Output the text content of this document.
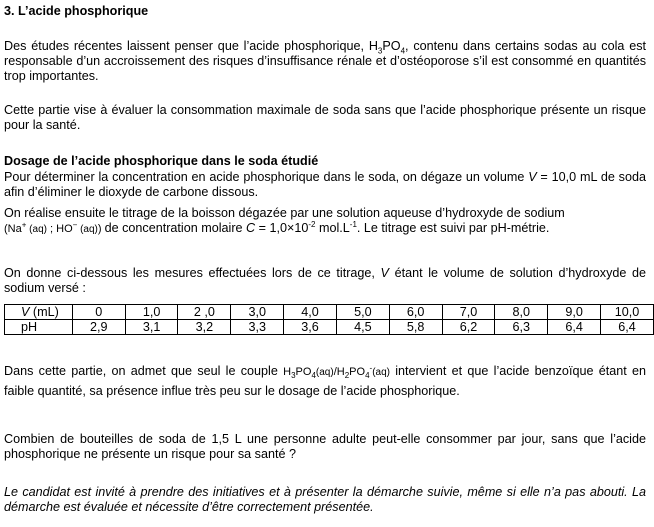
3. L’acide phosphorique

Des études récentes laissent penser que l’acide phosphorique, $H_3PO_4$, contenu dans certains sodas au cola est responsable d’un accroissement des risques d’insuffisance rénale et d’ostéoporose s’il est consommé en quantités trop importantes.

Cette partie vise à évaluer la consommation maximale de soda sans que l’acide phosphorique présente un risque pour la santé.

Dosage de l’acide phosphorique dans le soda étudié

Pour déterminer la concentration en acide phosphorique dans le soda, on dégaze un volume V = 10,0 mL de soda afin d’éliminer le dioxyde de carbone dissous.

On réalise ensuite le titrage de la boisson dégazée par une solution aqueuse d’hydroxyde de sodium
(Na+ (aq) ; HO− (aq)) de concentration molaire $C = 1,0\times 10^{-2}$ $mol.L^{-1}$. Le titrage est suivi par pH-métrie.

On donne ci-dessous les mesures effectuées lors de ce titrage, V étant le volume de solution d’hydroxyde de sodium versé :

V (mL)	0	1,0	2 ,0	3,0	4,0	5,0	6,0	7,0	8,0	9,0	10,0
pH	2,9	3,1	3,2	3,3	3,6	4,5	5,8	6,2	6,3	6,4	6,4

Dans cette partie, on admet que seul le couple $H_3PO_4(aq)/H_2PO_4^-(aq)$ intervient et que l’acide benzoïque étant en faible quantité, sa présence influe très peu sur le dosage de l’acide phosphorique.

Combien de bouteilles de soda de 1,5 L une personne adulte peut-elle consommer par jour, sans que l’acide phosphorique ne présente un risque pour sa santé ?

Le candidat est invité à prendre des initiatives et à présenter la démarche suivie, même si elle n’a pas abouti. La démarche est évaluée et nécessite d’être correctement présentée.
